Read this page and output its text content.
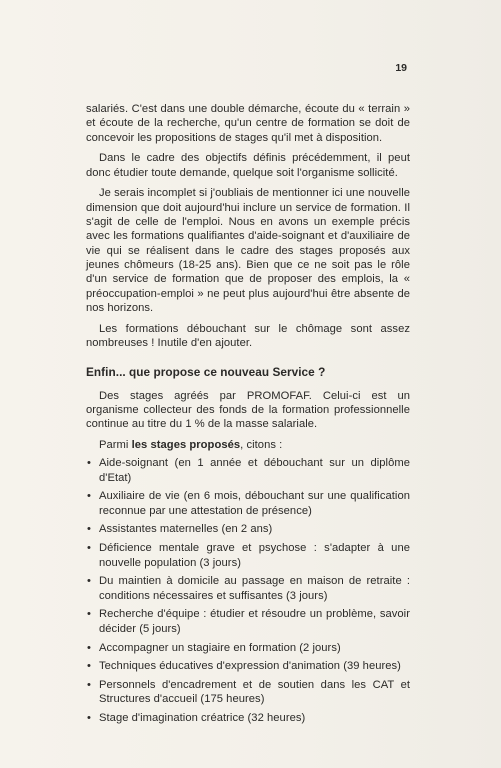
19

salariés. C'est dans une double démarche, écoute du « terrain » et écoute de la recherche, qu'un centre de formation se doit de concevoir les propositions de stages qu'il met à disposition.

Dans le cadre des objectifs définis précédemment, il peut donc étudier toute demande, quelque soit l'organisme sollicité.

Je serais incomplet si j'oubliais de mentionner ici une nouvelle dimension que doit aujourd'hui inclure un service de formation. Il s'agit de celle de l'emploi. Nous en avons un exemple précis avec les formations qualifiantes d'aide-soignant et d'auxiliaire de vie qui se réalisent dans le cadre des stages proposés aux jeunes chômeurs (18-25 ans). Bien que ce ne soit pas le rôle d'un service de formation que de proposer des emplois, la « préoccupation-emploi » ne peut plus aujourd'hui être absente de nos horizons.

Les formations débouchant sur le chômage sont assez nombreuses ! Inutile d'en ajouter.

Enfin... que propose ce nouveau Service ?

Des stages agréés par PROMOFAF. Celui-ci est un organisme collecteur des fonds de la formation professionnelle continue au titre du 1 % de la masse salariale.

Parmi les stages proposés, citons :

• Aide-soignant (en 1 année et débouchant sur un diplôme d'Etat)
• Auxiliaire de vie (en 6 mois, débouchant sur une qualification reconnue par une attestation de présence)
• Assistantes maternelles (en 2 ans)
• Déficience mentale grave et psychose : s'adapter à une nouvelle population (3 jours)
• Du maintien à domicile au passage en maison de retraite : conditions nécessaires et suffisantes (3 jours)
• Recherche d'équipe : étudier et résoudre un problème, savoir décider (5 jours)
• Accompagner un stagiaire en formation (2 jours)
• Techniques éducatives d'expression d'animation (39 heures)
• Personnels d'encadrement et de soutien dans les CAT et Structures d'accueil (175 heures)
• Stage d'imagination créatrice (32 heures)
